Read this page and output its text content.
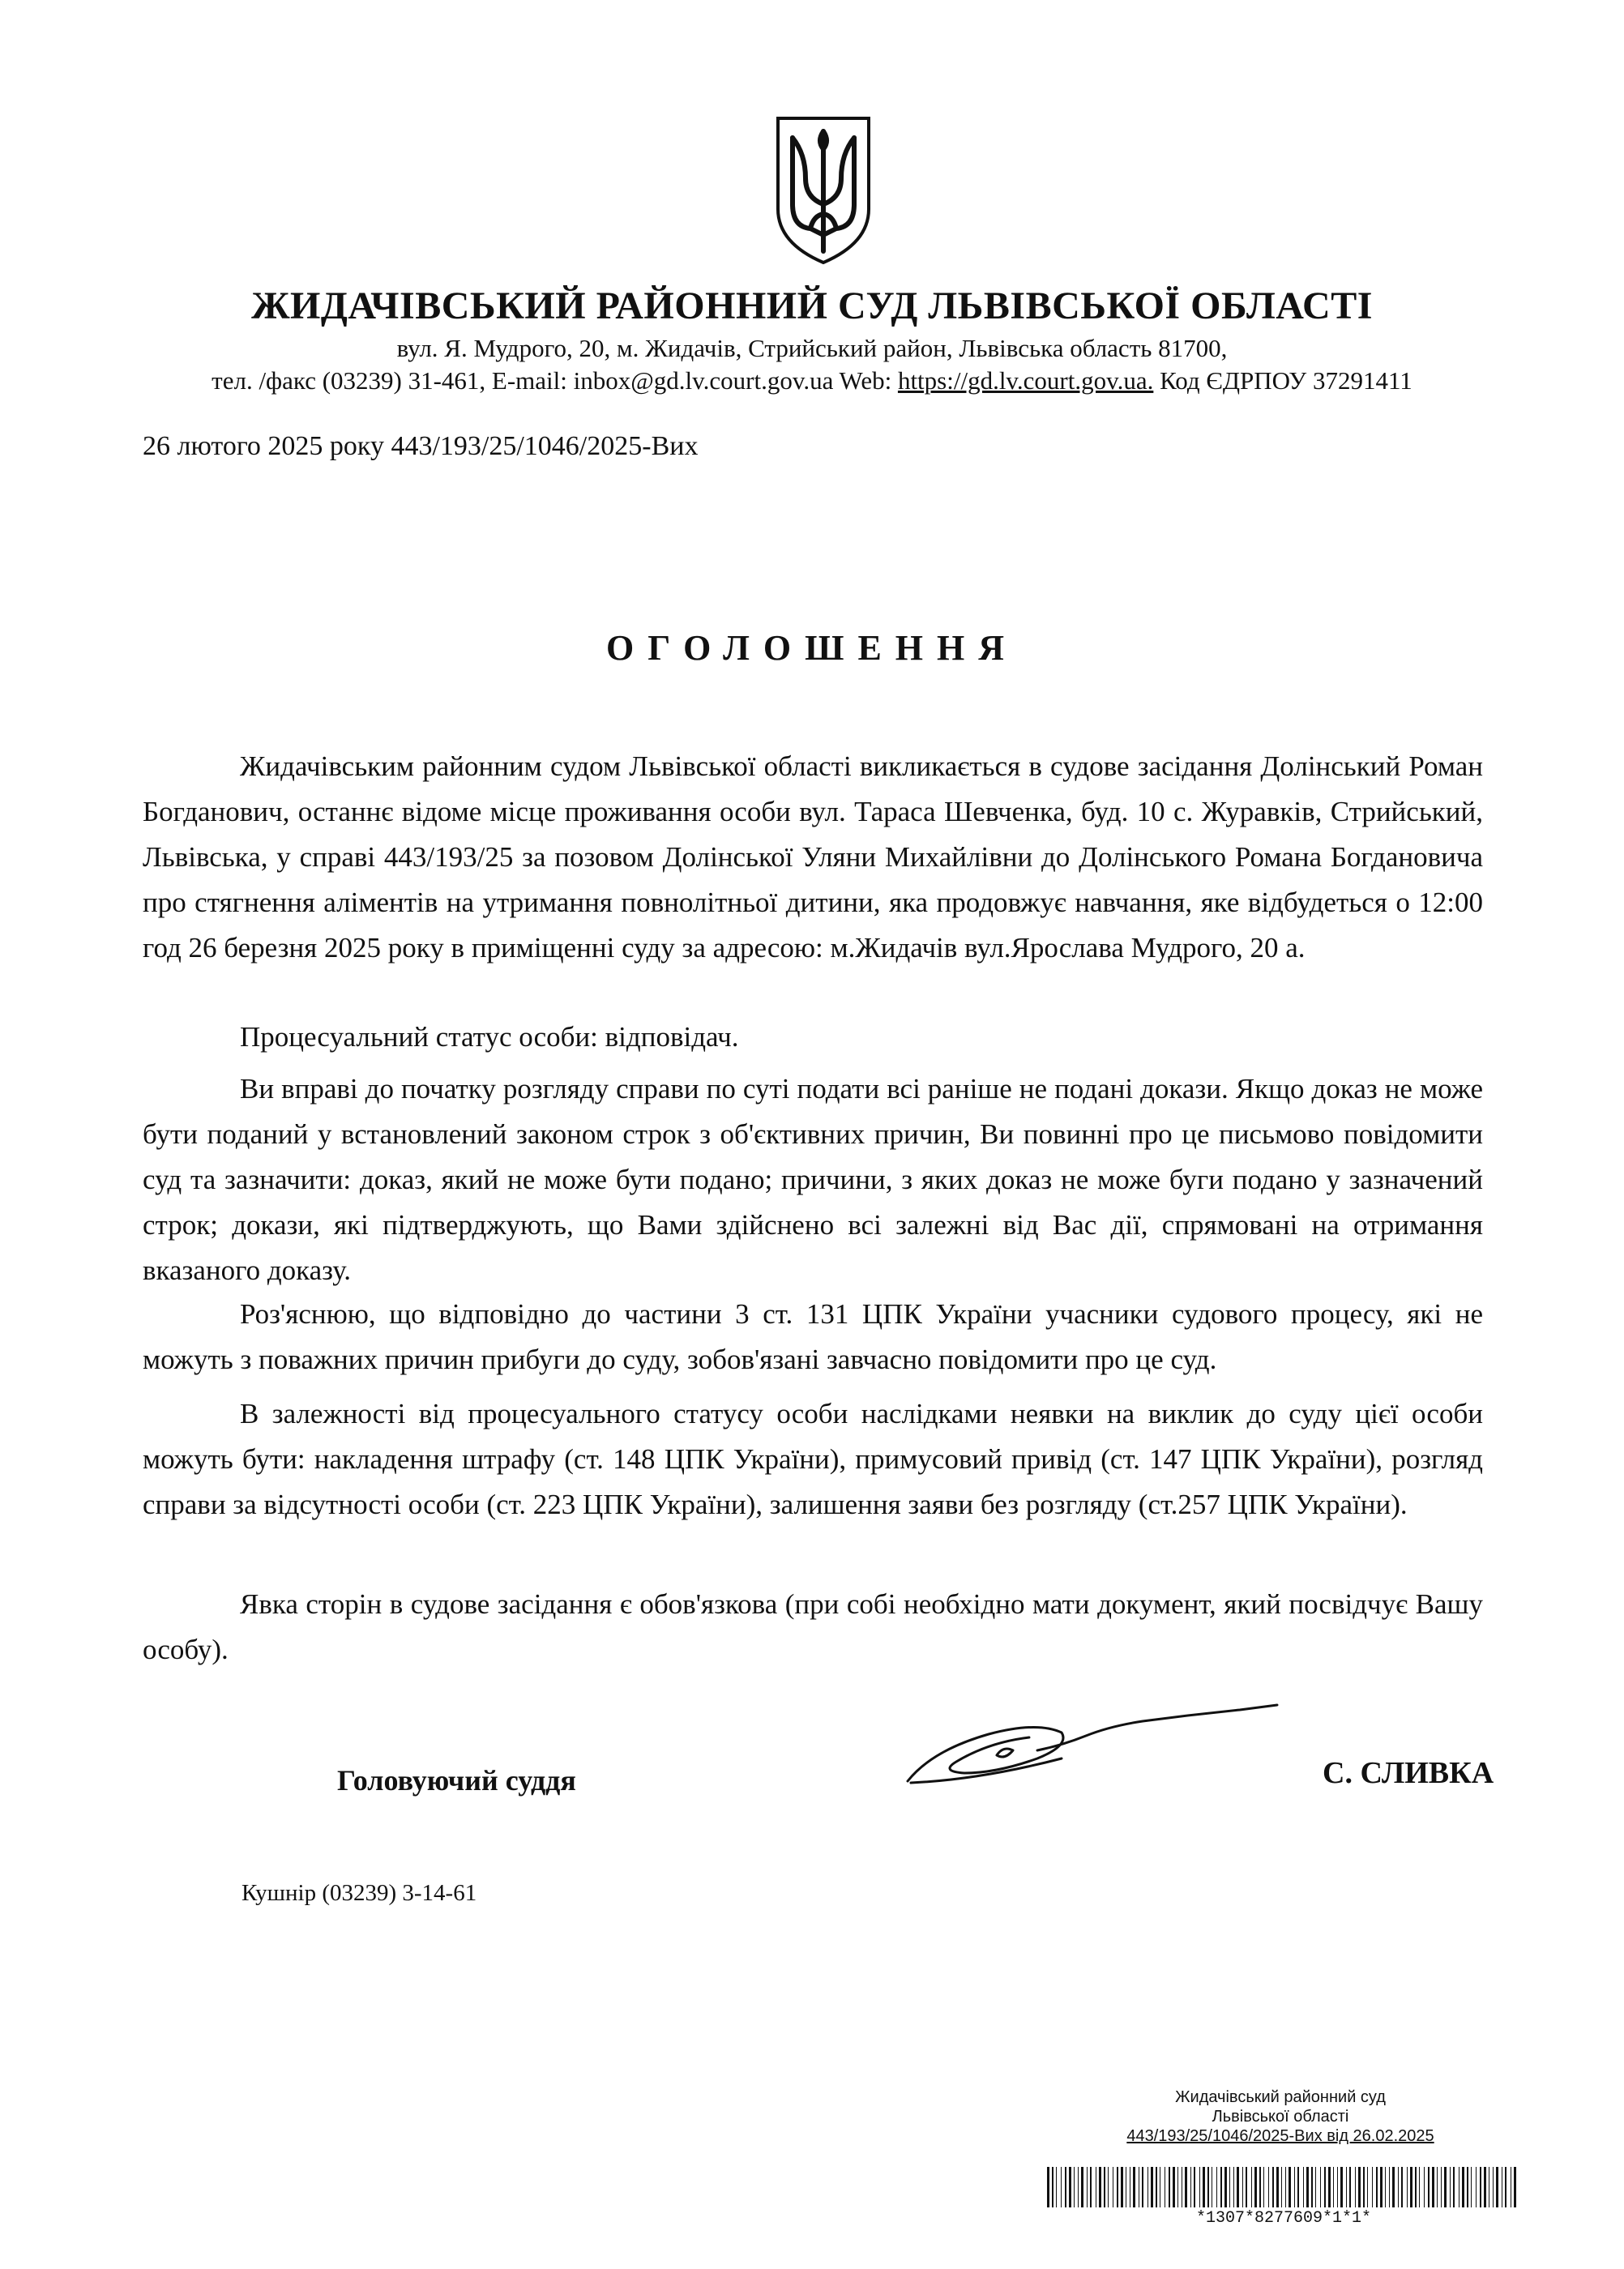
ЖИДАЧІВСЬКИЙ РАЙОННИЙ СУД ЛЬВІВСЬКОЇ ОБЛАСТІ
вул. Я. Мудрого, 20, м. Жидачів, Стрийський район, Львівська область 81700,
тел. /факс (03239) 31-461, E-mail: inbox@gd.lv.court.gov.ua Web: https://gd.lv.court.gov.ua. Код ЄДРПОУ 37291411
26 лютого 2025 року 443/193/25/1046/2025-Вих
ОГОЛОШЕННЯ

Жидачівським районним судом Львівської області викликається в судове засідання Долінський Роман Богданович, останнє відоме місце проживання особи вул. Тараса Шевченка, буд. 10 с. Журавків, Стрийський, Львівська, у справі 443/193/25 за позовом Долінської Уляни Михайлівни до Долінського Романа Богдановича про стягнення аліментів на утримання повнолітньої дитини, яка продовжує навчання, яке відбудеться о 12:00 год 26 березня 2025 року в приміщенні суду за адресою: м.Жидачів вул.Ярослава Мудрого, 20 а.

Процесуальний статус особи: відповідач.

Ви вправі до початку розгляду справи по суті подати всі раніше не подані докази. Якщо доказ не може бути поданий у встановлений законом строк з об'єктивних причин, Ви повинні про це письмово повідомити суд та зазначити: доказ, який не може бути подано; причини, з яких доказ не може буги подано у зазначений строк; докази, які підтверджують, що Вами здійснено всі залежні від Вас дії, спрямовані на отримання вказаного доказу.

Роз'яснюю, що відповідно до частини 3 ст. 131 ЦПК України учасники судового процесу, які не можуть з поважних причин прибуги до суду, зобов'язані завчасно повідомити про це суд.

В залежності від процесуального статусу особи наслідками неявки на виклик до суду цієї особи можуть бути: накладення штрафу (ст. 148 ЦПК України), примусовий привід (ст. 147 ЦПК України), розгляд справи за відсутності особи (ст. 223 ЦПК України), залишення заяви без розгляду (ст.257 ЦПК України).

Явка сторін в судове засідання є обов'язкова (при собі необхідно мати документ, який посвідчує Вашу особу).

Головуючий суддя	С. СЛИВКА
Кушнір (03239) 3-14-61
Жидачівський районний суд
Львівської області
443/193/25/1046/2025-Вих від 26.02.2025
*1307*8277609*1*1*
